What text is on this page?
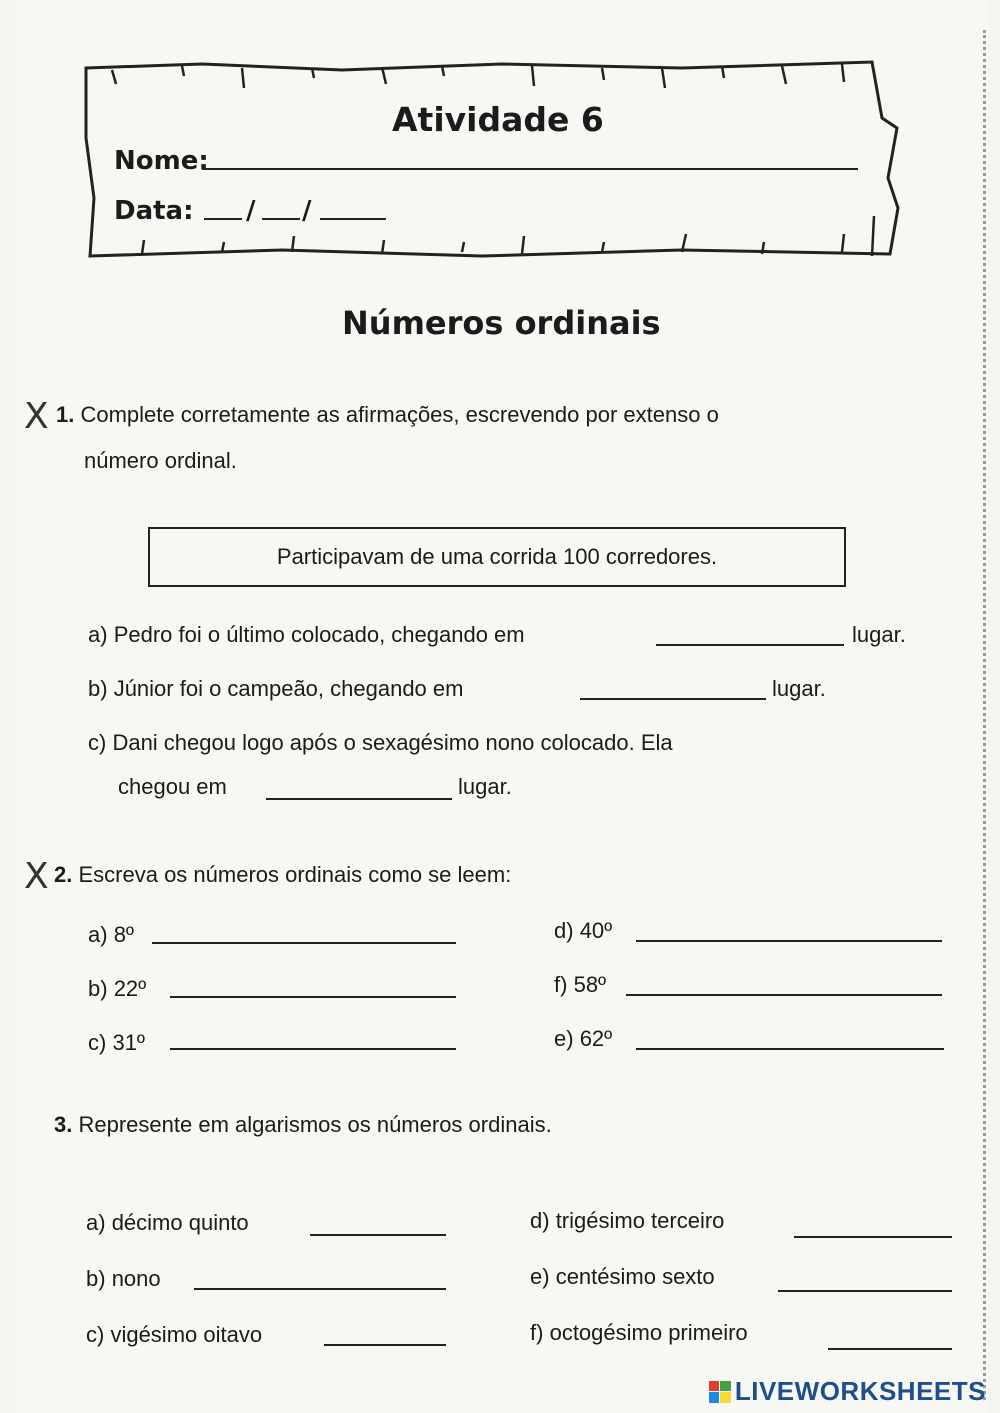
Atividade 6
Nome:
Data: / /
Números ordinais
X 1. Complete corretamente as afirmações, escrevendo por extenso o
número ordinal.
Participavam de uma corrida 100 corredores.
a) Pedro foi o último colocado, chegando em	lugar.
b) Júnior foi o campeão, chegando em	lugar.
c) Dani chegou logo após o sexagésimo nono colocado. Ela
chegou em	lugar.
X 2. Escreva os números ordinais como se leem:
a) 8º	d) 40º
b) 22º	f) 58º
c) 31º	e) 62º
3. Represente em algarismos os números ordinais.
a) décimo quinto	d) trigésimo terceiro
b) nono	e) centésimo sexto
c) vigésimo oitavo	f) octogésimo primeiro
LIVEWORKSHEETS
